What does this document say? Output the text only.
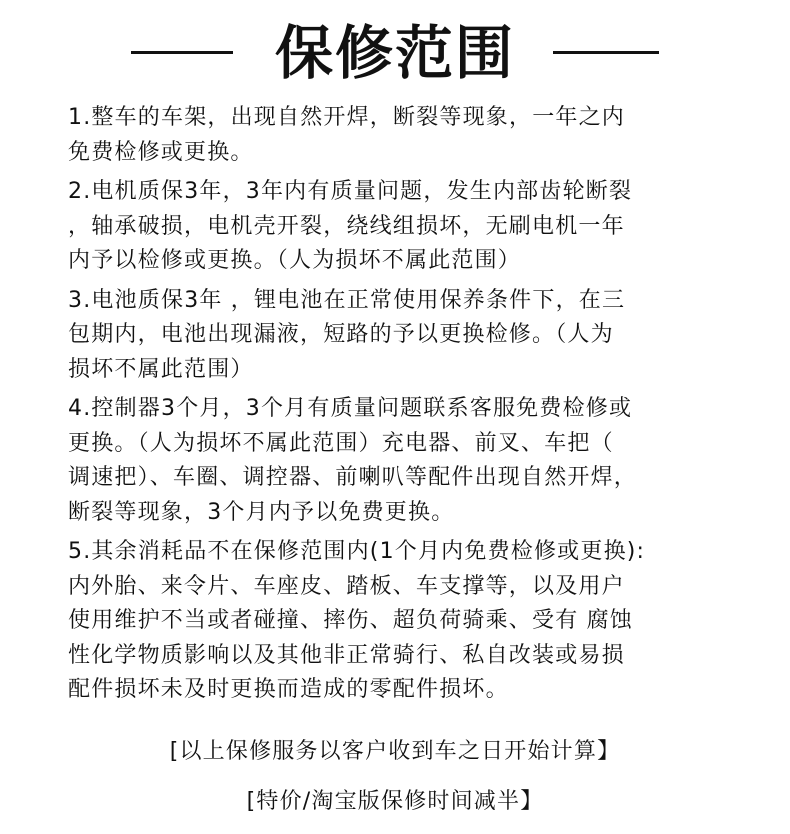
保修范围
1.整车的车架，出现自然开焊，断裂等现象，一年之内
免费检修或更换。
2.电机质保3年，3年内有质量问题，发生内部齿轮断裂
，轴承破损，电机壳开裂，绕线组损坏，无刷电机一年
内予以检修或更换。（人为损坏不属此范围）
3.电池质保3年 ，锂电池在正常使用保养条件下，在三
包期内，电池出现漏液，短路的予以更换检修。（人为
损坏不属此范围）
4.控制器3个月，3个月有质量问题联系客服免费检修或
更换。（人为损坏不属此范围）充电器、前叉、车把（
调速把）、车圈、调控器、前喇叭等配件出现自然开焊，
断裂等现象，3个月内予以免费更换。
5.其余消耗品不在保修范围内(1个月内免费检修或更换):
内外胎、来令片、车座皮、踏板、车支撑等，以及用户
使用维护不当或者碰撞、摔伤、超负荷骑乘、受有 腐蚀
性化学物质影响以及其他非正常骑行、私自改装或易损
配件损坏未及时更换而造成的零配件损坏。
[以上保修服务以客户收到车之日开始计算】
[特价/淘宝版保修时间减半】
